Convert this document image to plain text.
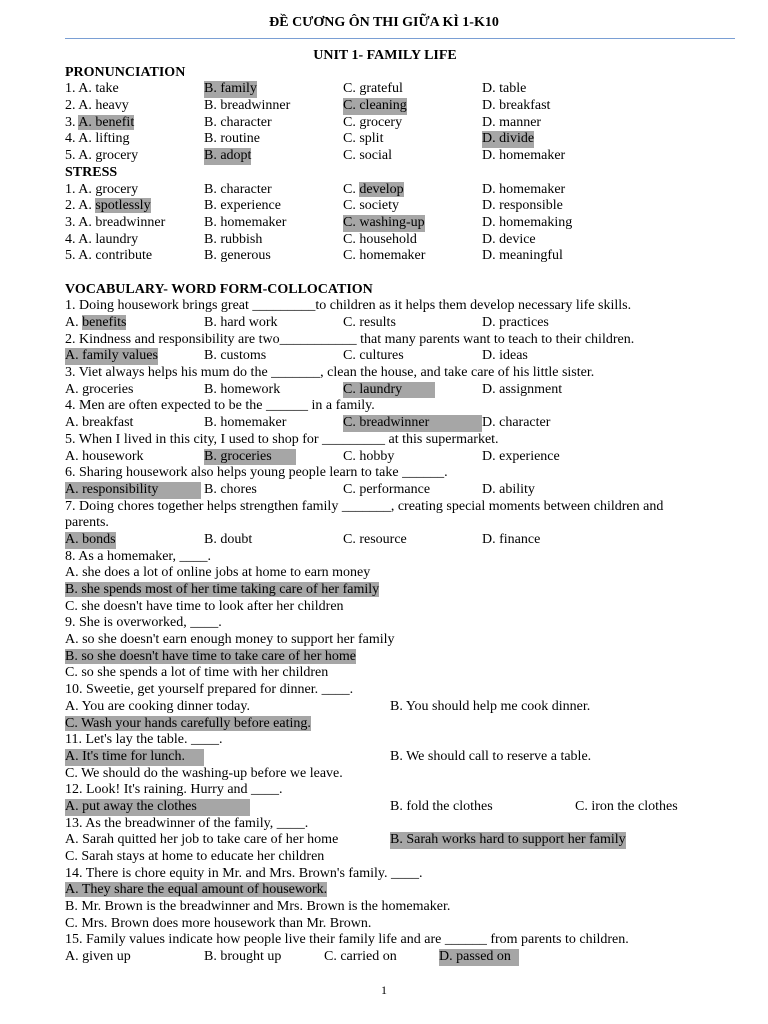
ĐỀ CƯƠNG ÔN THI GIỮA KÌ 1-K10
UNIT 1- FAMILY LIFE
PRONUNCIATION
1. A. take	B. family	C. grateful	D. table
2. A. heavy	B. breadwinner	C. cleaning	D. breakfast
3. A. benefit	B. character	C. grocery	D. manner
4. A. lifting	B. routine	C. split	D. divide
5. A. grocery	B. adopt	C. social	D. homemaker
STRESS
1. A. grocery	B. character	C. develop	D. homemaker
2. A. spotlessly	B. experience	C. society	D. responsible
3. A. breadwinner	B. homemaker	C. washing-up	D. homemaking
4. A. laundry	B. rubbish	C. household	D. device
5. A. contribute	B. generous	C. homemaker	D. meaningful
VOCABULARY- WORD FORM-COLLOCATION
1. Doing housework brings great _________to children as it helps them develop necessary life skills.
A. benefits	B. hard work	C. results	D. practices
2. Kindness and responsibility are two___________ that many parents want to teach to their children.
A. family values	B. customs	C. cultures	D. ideas
3. Viet always helps his mum do the _______, clean the house, and take care of his little sister.
A. groceries	B. homework	C. laundry	D. assignment
4. Men are often expected to be the ______ in a family.
A. breakfast	B. homemaker	C. breadwinner	D. character
5. When I lived in this city, I used to shop for _________ at this supermarket.
A. housework	B. groceries	C. hobby	D. experience
6. Sharing housework also helps young people learn to take ______.
A. responsibility	B. chores	C. performance	D. ability
7. Doing chores together helps strengthen family _______, creating special moments between children and parents.
A. bonds	B. doubt	C. resource	D. finance
8. As a homemaker, ____.
A. she does a lot of online jobs at home to earn money
B. she spends most of her time taking care of her family
C. she doesn't have time to look after her children
9. She is overworked, ____.
A. so she doesn't earn enough money to support her family
B. so she doesn't have time to take care of her home
C. so she spends a lot of time with her children
10. Sweetie, get yourself prepared for dinner. ____.
A. You are cooking dinner today.	B. You should help me cook dinner.
C. Wash your hands carefully before eating.
11. Let's lay the table. ____.
A. It's time for lunch.	B. We should call to reserve a table.
C. We should do the washing-up before we leave.
12. Look! It's raining. Hurry and ____.
A. put away the clothes	B. fold the clothes	C. iron the clothes
13. As the breadwinner of the family, ____.
A. Sarah quitted her job to take care of her home	B. Sarah works hard to support her family
C. Sarah stays at home to educate her children
14. There is chore equity in Mr. and Mrs. Brown's family. ____.
A. They share the equal amount of housework.
B. Mr. Brown is the breadwinner and Mrs. Brown is the homemaker.
C. Mrs. Brown does more housework than Mr. Brown.
15. Family values indicate how people live their family life and are ______ from parents to children.
A. given up	B. brought up	C. carried on	D. passed on
1
